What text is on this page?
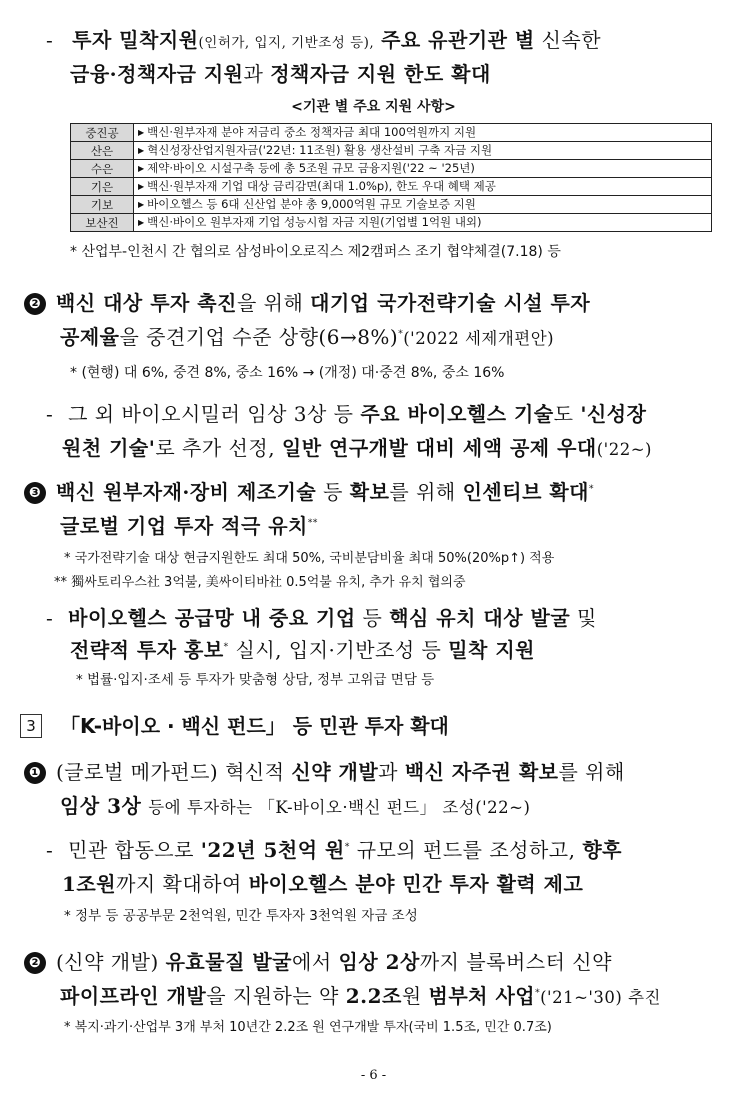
- 투자 밀착지원(인허가, 입지, 기반조성 등), 주요 유관기관 별 신속한
금융·정책자금 지원과 정책자금 지원 한도 확대
<기관 별 주요 지원 사항>
중진공	▶ 백신·원부자재 분야 저금리 중소 정책자금 최대 100억원까지 지원
산은	▶ 혁신성장산업지원자금('22년: 11조원) 활용 생산설비 구축 자금 지원
수은	▶ 제약·바이오 시설구축 등에 총 5조원 규모 금융지원('22 ~ '25년)
기은	▶ 백신·원부자재 기업 대상 금리감면(최대 1.0%p), 한도 우대 혜택 제공
기보	▶ 바이오헬스 등 6대 신산업 분야 총 9,000억원 규모 기술보증 지원
보산진	▶ 백신·바이오 원부자재 기업 성능시험 자금 지원(기업별 1억원 내외)
* 산업부-인천시 간 협의로 삼성바이오로직스 제2캠퍼스 조기 협약체결(7.18) 등
❷ 백신 대상 투자 촉진을 위해 대기업 국가전략기술 시설 투자
공제율을 중견기업 수준 상향(6→8%)*('2022 세제개편안)
* (현행) 대 6%, 중견 8%, 중소 16% → (개정) 대·중견 8%, 중소 16%
- 그 외 바이오시밀러 임상 3상 등 주요 바이오헬스 기술도 '신성장
원천 기술'로 추가 선정, 일반 연구개발 대비 세액 공제 우대('22~)
❸ 백신 원부자재·장비 제조기술 등 확보를 위해 인센티브 확대*
글로벌 기업 투자 적극 유치**
* 국가전략기술 대상 현금지원한도 최대 50%, 국비분담비율 최대 50%(20%p↑) 적용
** 獨싸토리우스社 3억불, 美싸이티바社 0.5억불 유치, 추가 유치 협의중
- 바이오헬스 공급망 내 중요 기업 등 핵심 유치 대상 발굴 및
전략적 투자 홍보* 실시, 입지·기반조성 등 밀착 지원
* 법률·입지·조세 등 투자가 맞춤형 상담, 정부 고위급 면담 등
3 「K-바이오 · 백신 펀드」 등 민관 투자 확대
❶ (글로벌 메가펀드) 혁신적 신약 개발과 백신 자주권 확보를 위해
임상 3상 등에 투자하는 「K-바이오·백신 펀드」 조성('22~)
- 민관 합동으로 '22년 5천억 원* 규모의 펀드를 조성하고, 향후
1조원까지 확대하여 바이오헬스 분야 민간 투자 활력 제고
* 정부 등 공공부문 2천억원, 민간 투자자 3천억원 자금 조성
❷ (신약 개발) 유효물질 발굴에서 임상 2상까지 블록버스터 신약
파이프라인 개발을 지원하는 약 2.2조원 범부처 사업*('21~'30) 추진
* 복지·과기·산업부 3개 부처 10년간 2.2조 원 연구개발 투자(국비 1.5조, 민간 0.7조)
- 6 -
